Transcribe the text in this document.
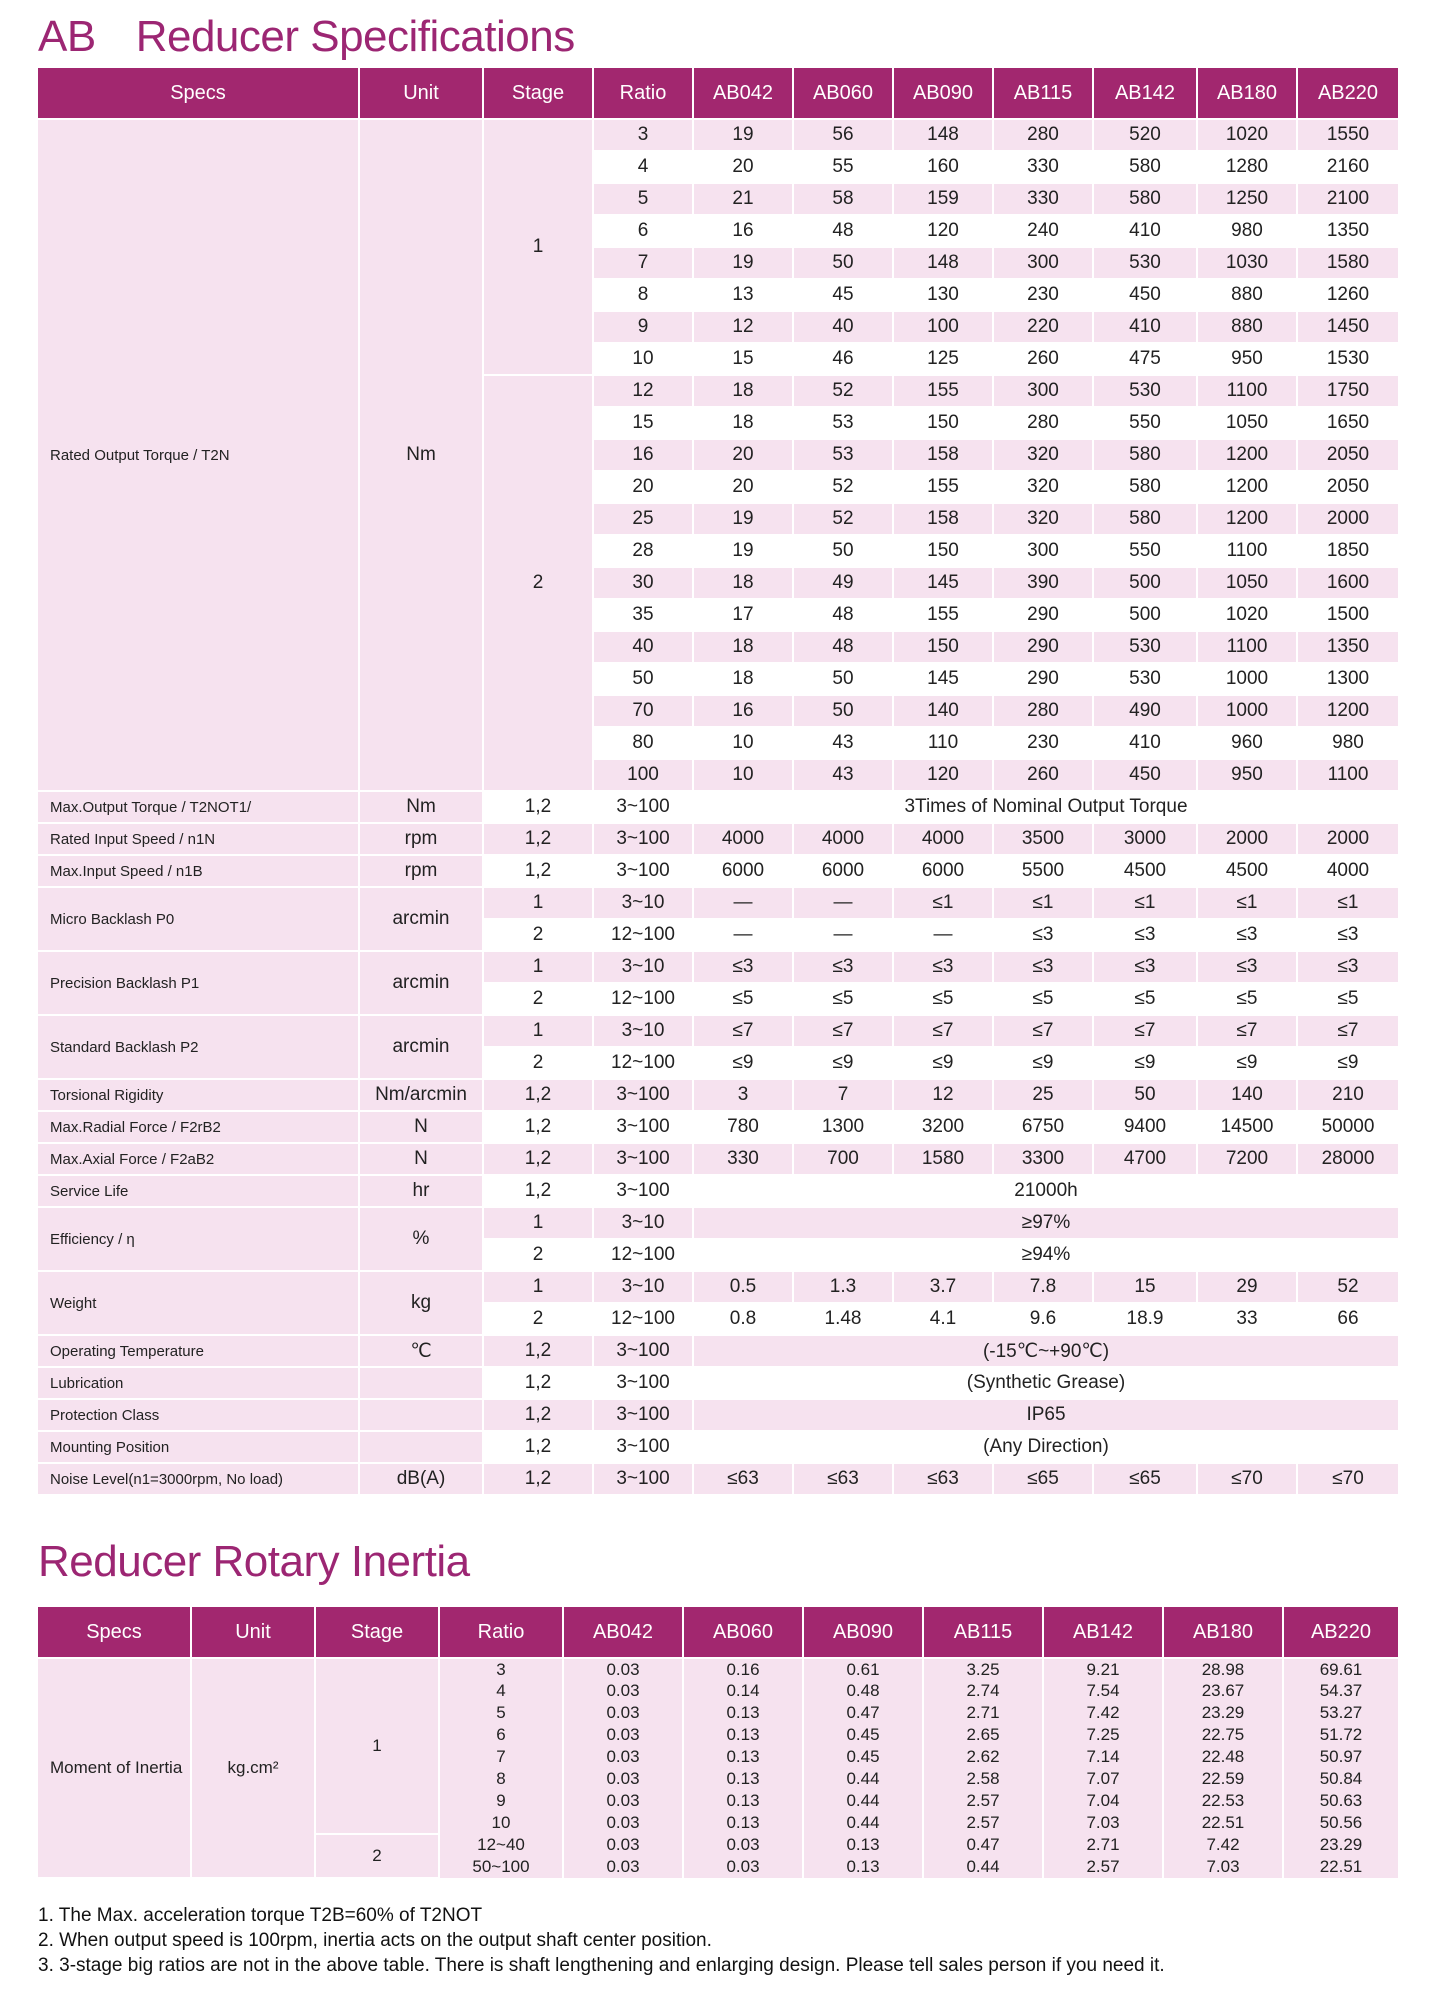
AB Reducer Specifications
Specs	Unit	Stage	Ratio	AB042	AB060	AB090	AB115	AB142	AB180	AB220
Rated Output Torque / T2N	Nm	1	3	19	56	148	280	520	1020	1550
			4	20	55	160	330	580	1280	2160
			5	21	58	159	330	580	1250	2100
			6	16	48	120	240	410	980	1350
			7	19	50	148	300	530	1030	1580
			8	13	45	130	230	450	880	1260
			9	12	40	100	220	410	880	1450
			10	15	46	125	260	475	950	1530
		2	12	18	52	155	300	530	1100	1750
			15	18	53	150	280	550	1050	1650
			16	20	53	158	320	580	1200	2050
			20	20	52	155	320	580	1200	2050
			25	19	52	158	320	580	1200	2000
			28	19	50	150	300	550	1100	1850
			30	18	49	145	390	500	1050	1600
			35	17	48	155	290	500	1020	1500
			40	18	48	150	290	530	1100	1350
			50	18	50	145	290	530	1000	1300
			70	16	50	140	280	490	1000	1200
			80	10	43	110	230	410	960	980
			100	10	43	120	260	450	950	1100
Max.Output Torque / T2NOT1/	Nm	1,2	3~100	3Times of Nominal Output Torque						
Rated Input Speed / n1N	rpm	1,2	3~100	4000	4000	4000	3500	3000	2000	2000
Max.Input Speed / n1B	rpm	1,2	3~100	6000	6000	6000	5500	4500	4500	4000
Micro Backlash P0	arcmin	1	3~10	—	—	≤1	≤1	≤1	≤1	≤1
		2	12~100	—	—	—	≤3	≤3	≤3	≤3
Precision Backlash P1	arcmin	1	3~10	≤3	≤3	≤3	≤3	≤3	≤3	≤3
		2	12~100	≤5	≤5	≤5	≤5	≤5	≤5	≤5
Standard Backlash P2	arcmin	1	3~10	≤7	≤7	≤7	≤7	≤7	≤7	≤7
		2	12~100	≤9	≤9	≤9	≤9	≤9	≤9	≤9
Torsional Rigidity	Nm/arcmin	1,2	3~100	3	7	12	25	50	140	210
Max.Radial Force / F2rB2	N	1,2	3~100	780	1300	3200	6750	9400	14500	50000
Max.Axial Force / F2aB2	N	1,2	3~100	330	700	1580	3300	4700	7200	28000
Service Life	hr	1,2	3~100	21000h						
Efficiency / η	%	1	3~10	≥97%						
		2	12~100	≥94%						
Weight	kg	1	3~10	0.5	1.3	3.7	7.8	15	29	52
		2	12~100	0.8	1.48	4.1	9.6	18.9	33	66
Operating Temperature	℃	1,2	3~100	(-15℃~+90℃)						
Lubrication		1,2	3~100	(Synthetic Grease)						
Protection Class		1,2	3~100	IP65						
Mounting Position		1,2	3~100	(Any Direction)						
Noise Level(n1=3000rpm, No load)	dB(A)	1,2	3~100	≤63	≤63	≤63	≤65	≤65	≤70	≤70
Reducer Rotary Inertia
Specs	Unit	Stage	Ratio	AB042	AB060	AB090	AB115	AB142	AB180	AB220
Moment of Inertia	kg.cm²	1	3	0.03	0.16	0.61	3.25	9.21	28.98	69.61
			4	0.03	0.14	0.48	2.74	7.54	23.67	54.37
			5	0.03	0.13	0.47	2.71	7.42	23.29	53.27
			6	0.03	0.13	0.45	2.65	7.25	22.75	51.72
			7	0.03	0.13	0.45	2.62	7.14	22.48	50.97
			8	0.03	0.13	0.44	2.58	7.07	22.59	50.84
			9	0.03	0.13	0.44	2.57	7.04	22.53	50.63
			10	0.03	0.13	0.44	2.57	7.03	22.51	50.56
		2	12~40	0.03	0.03	0.13	0.47	2.71	7.42	23.29
			50~100	0.03	0.03	0.13	0.44	2.57	7.03	22.51
1. The Max. acceleration torque T2B=60% of T2NOT
2. When output speed is 100rpm, inertia acts on the output shaft center position.
3. 3-stage big ratios are not in the above table. There is shaft lengthening and enlarging design. Please tell sales person if you need it.
